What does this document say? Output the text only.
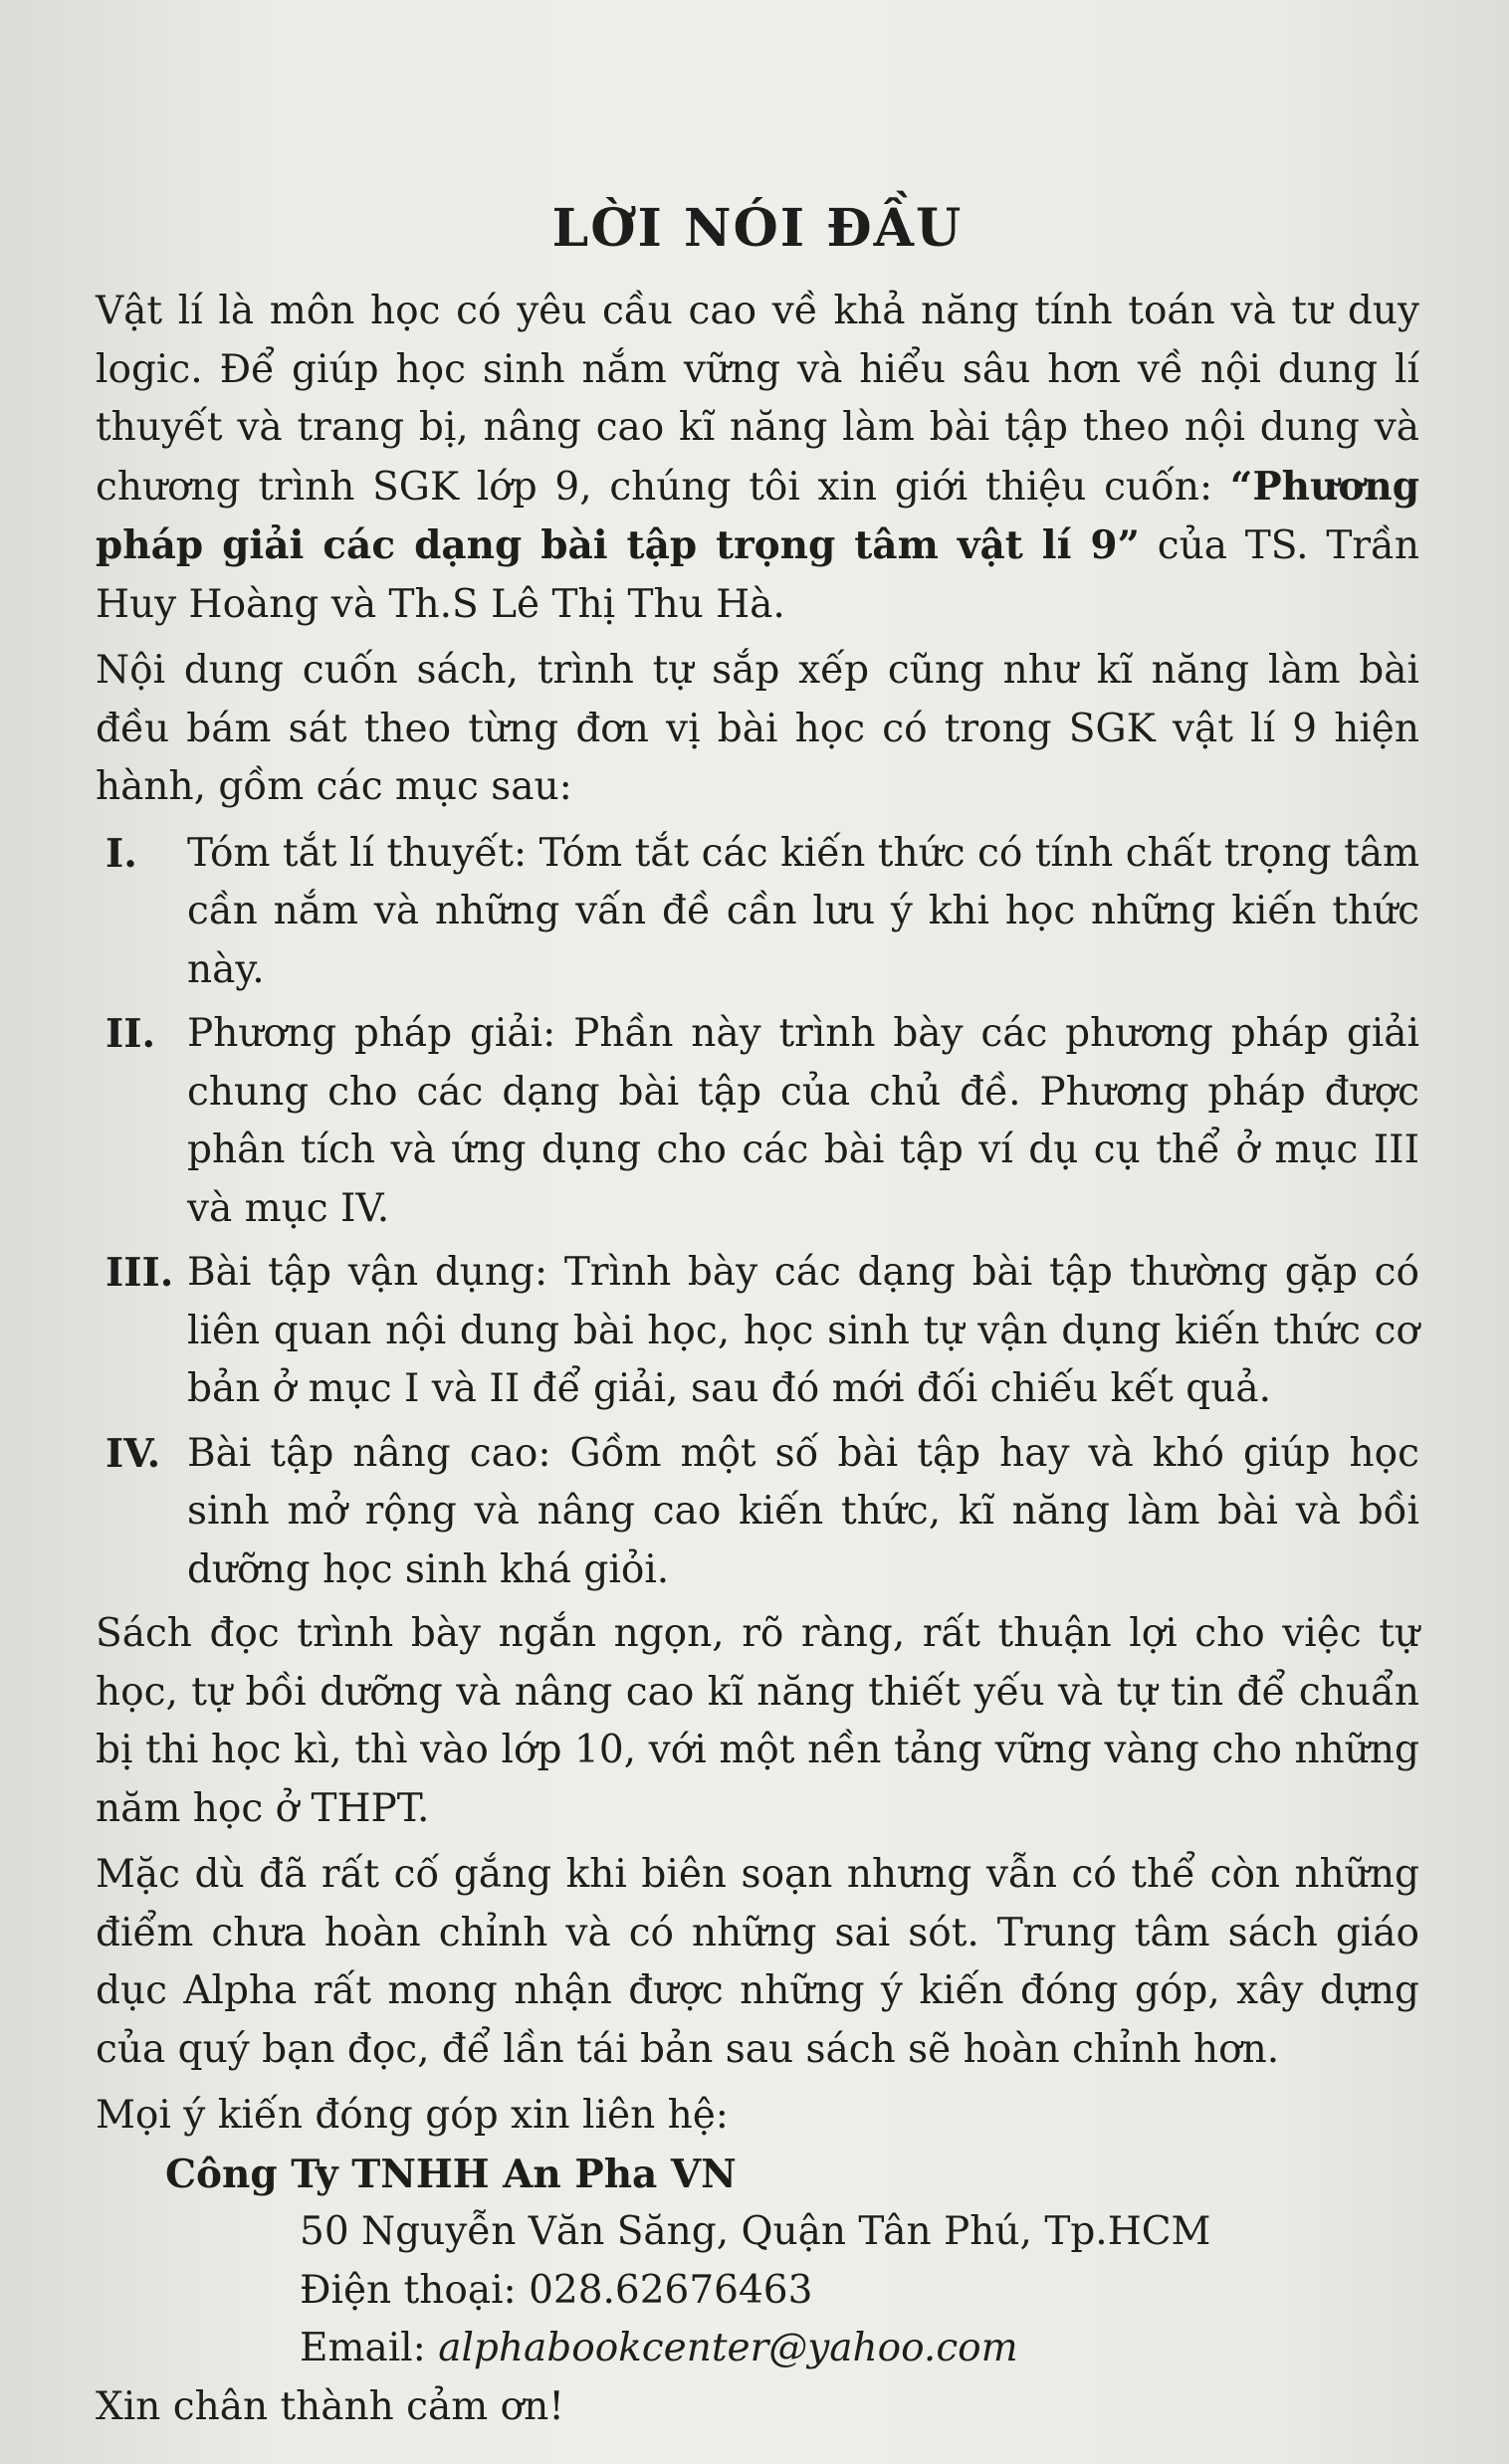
LỜI NÓI ĐẦU

Vật lí là môn học có yêu cầu cao về khả năng tính toán và tư duy logic. Để giúp học sinh nắm vững và hiểu sâu hơn về nội dung lí thuyết và trang bị, nâng cao kĩ năng làm bài tập theo nội dung và chương trình SGK lớp 9, chúng tôi xin giới thiệu cuốn: “Phương pháp giải các dạng bài tập trọng tâm vật lí 9” của TS. Trần Huy Hoàng và Th.S Lê Thị Thu Hà.

Nội dung cuốn sách, trình tự sắp xếp cũng như kĩ năng làm bài đều bám sát theo từng đơn vị bài học có trong SGK vật lí 9 hiện hành, gồm các mục sau:

I.	Tóm tắt lí thuyết: Tóm tắt các kiến thức có tính chất trọng tâm cần nắm và những vấn đề cần lưu ý khi học những kiến thức này.
II. Phương pháp giải: Phần này trình bày các phương pháp giải chung cho các dạng bài tập của chủ đề. Phương pháp được phân tích và ứng dụng cho các bài tập ví dụ cụ thể ở mục III và mục IV.
III. Bài tập vận dụng: Trình bày các dạng bài tập thường gặp có liên quan nội dung bài học, học sinh tự vận dụng kiến thức cơ bản ở mục I và II để giải, sau đó mới đối chiếu kết quả.
IV. Bài tập nâng cao: Gồm một số bài tập hay và khó giúp học sinh mở rộng và nâng cao kiến thức, kĩ năng làm bài và bồi dưỡng học sinh khá giỏi.

Sách đọc trình bày ngắn ngọn, rõ ràng, rất thuận lợi cho việc tự học, tự bồi dưỡng và nâng cao kĩ năng thiết yếu và tự tin để chuẩn bị thi học kì, thì vào lớp 10, với một nền tảng vững vàng cho những năm học ở THPT.

Mặc dù đã rất cố gắng khi biên soạn nhưng vẫn có thể còn những điểm chưa hoàn chỉnh và có những sai sót. Trung tâm sách giáo dục Alpha rất mong nhận được những ý kiến đóng góp, xây dựng của quý bạn đọc, để lần tái bản sau sách sẽ hoàn chỉnh hơn.

Mọi ý kiến đóng góp xin liên hệ:
Công Ty TNHH An Pha VN
50 Nguyễn Văn Săng, Quận Tân Phú, Tp.HCM
Điện thoại: 028.62676463
Email: alphabookcenter@yahoo.com
Xin chân thành cảm ơn!
